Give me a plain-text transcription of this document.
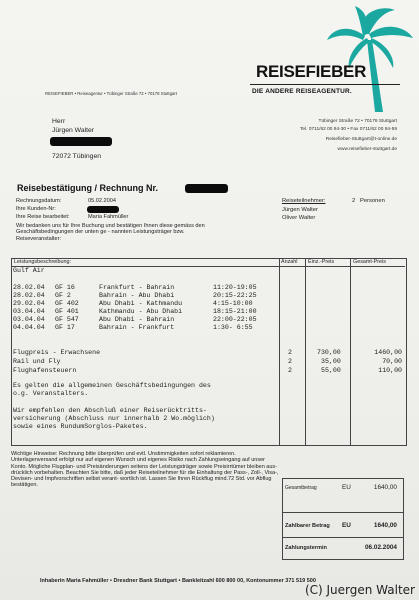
REISEFIEBER
DIE ANDERE REISEAGENTUR.
REISEFIEBER • Reiseagentur • Tübinger Straße 72 • 70178 Stuttgart
Herr
Jürgen Walter
72072 Tübingen
Tübinger Straße 72 • 70178 Stuttgart
Tel. 0711/62 00 94-30 • Fax 0711/62 00 94-59
Reisefieber-Stuttgart@t-online.de
www.reisefieber-stuttgart.de
Reisebestätigung / Rechnung Nr.
Rechnungsdatum:	05.02.2004
Ihre Kunden-Nr:
Ihre Reise bearbeitet:	Maria Fahmüller
Wir bedanken uns für Ihre Buchung und bestätigen Ihnen diese gemäss den Geschäftsbedingungen der unten ge - nannten Leistungsträger bzw. Reiseveranstalter:
Reiseteilnehmer:	2 Personen
Jürgen Walter
Oliver Walter
Leistungsbeschreibung:	Anzahl Einz.-Preis	Gesamt-Preis
Gulf Air
28.02.04 GF 16	Frankfurt - Bahrain	11:20-19:05
28.02.04 GF 2	Bahrain - Abu Dhabi	20:15-22:25
29.02.04 GF 402	Abu Dhabi - Kathmandu	4:15-10:00
03.04.04 GF 401	Kathmandu - Abu Dhabi	18:15-21:00
03.04.04 GF 547	Abu Dhabi - Bahrain	22:00-22:05
04.04.04 GF 17	Bahrain - Frankfurt	1:30- 6:55
Flugpreis - Erwachsene	2	730,00	1460,00
Rail und Fly	2	35,00	70,00
Flughafensteuern	2	55,00	110,00
Es gelten die allgemeinen Geschäftsbedingungen des
o.g. Veranstalters.
Wir empfehlen den Abschluß einer Reiserücktritts-
versicherung (Abschluss nur innerhalb 2 Wo.möglich)
sowie eines RundumSorglos-Paketes.
Wichtige Hinweise: Rechnung bitte überprüfen und evtl. Unstimmigkeiten sofort reklamieren. Unterlagenversand erfolgt nur auf eigenen Wunsch und eigenes Risiko nach Zahlungseingang auf unser Konto. Mögliche Flugplan- und Preisänderungen seitens der Leistungsträger sowie Preisirrtümer bleiben aus- drücklich vorbehalten. Beachten Sie bitte, daß jeder Reiseteilnehmer für die Einhaltung der Pass-, Zoll-, Visa-, Devisen- und Impfvorschriften selbst verant- wortlich ist. Lassen Sie Ihren Rückflug mind.72 Std. vor Abflug bestätigen.	Gesamtbetrag	EU	1640,00
Zahlbarer Betrag EU	1640,00
Zahlungstermin	06.02.2004
Inhaberin Maria Fahmüller • Dresdner Bank Stuttgart • Bankleitzahl 600 800 00, Kontonummer 371 519 500
(C) Juergen Walter
